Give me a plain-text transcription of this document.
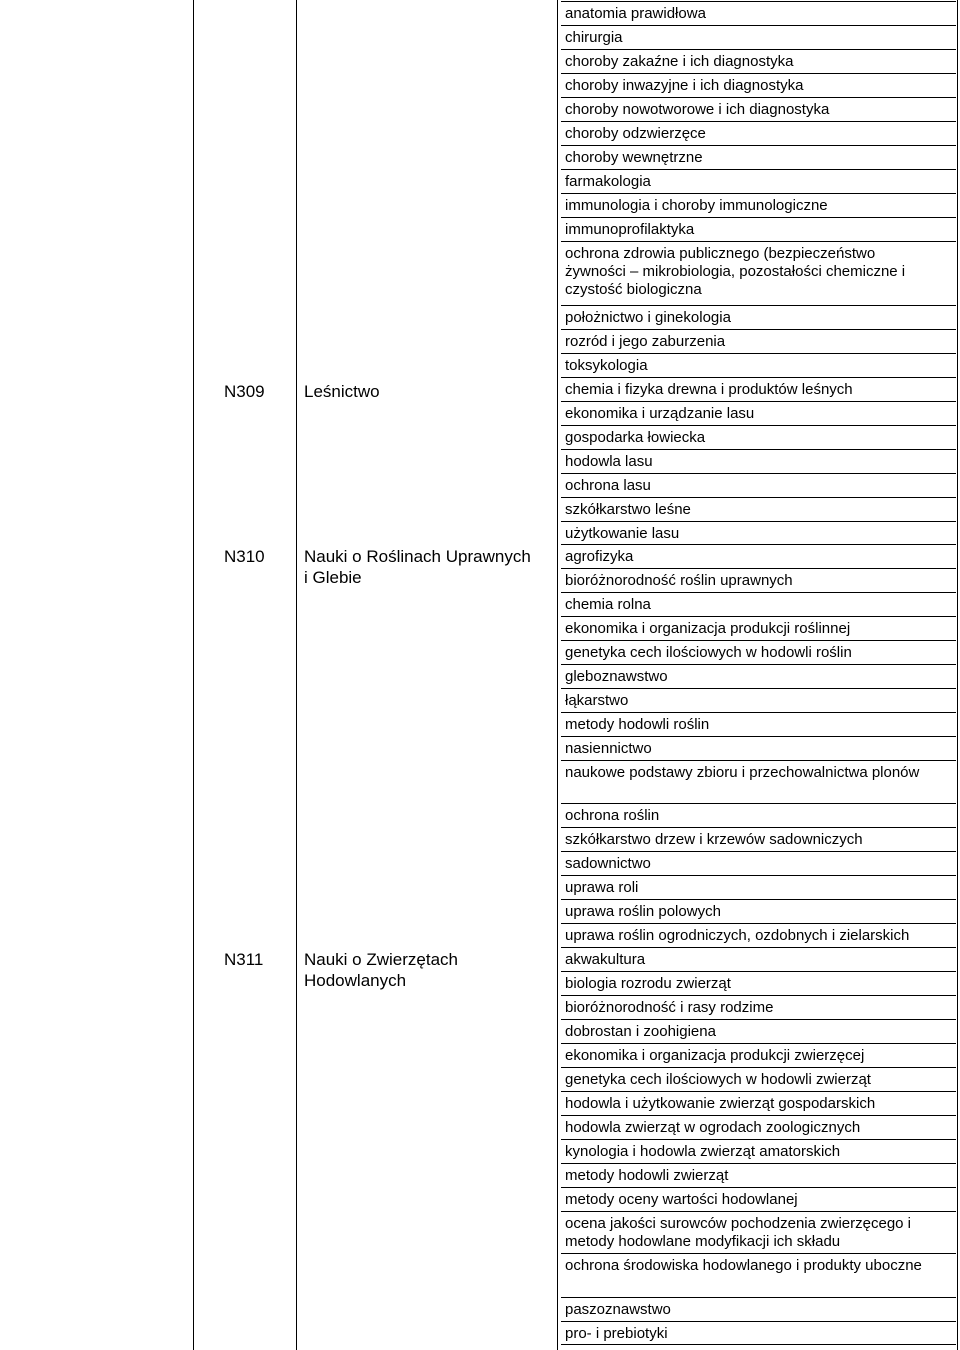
anatomia prawidłowa
chirurgia
choroby zakaźne i ich diagnostyka
choroby inwazyjne i ich diagnostyka
choroby nowotworowe i ich diagnostyka
choroby odzwierzęce
choroby wewnętrzne
farmakologia
immunologia i choroby immunologiczne
immunoprofilaktyka
ochrona zdrowia publicznego (bezpieczeństwo
żywności – mikrobiologia, pozostałości chemiczne i
czystość biologiczna
położnictwo i ginekologia
rozród i jego zaburzenia
toksykologia
N309 Leśnictwo	chemia i fizyka drewna i produktów leśnych
ekonomika i urządzanie lasu
gospodarka łowiecka
hodowla lasu
ochrona lasu
szkółkarstwo leśne
użytkowanie lasu
N310 Nauki o Roślinach Uprawnych
i Glebie
agrofizyka
bioróżnorodność roślin uprawnych
chemia rolna
ekonomika i organizacja produkcji roślinnej
genetyka cech ilościowych w hodowli roślin
gleboznawstwo
łąkarstwo
metody hodowli roślin
nasiennictwo
naukowe podstawy zbioru i przechowalnictwa plonów
ochrona roślin
szkółkarstwo drzew i krzewów sadowniczych
sadownictwo
uprawa roli
uprawa roślin polowych
uprawa roślin ogrodniczych, ozdobnych i zielarskich
N311 Nauki o Zwierzętach
Hodowlanych
akwakultura
biologia rozrodu zwierząt
bioróżnorodność i rasy rodzime
dobrostan i zoohigiena
ekonomika i organizacja produkcji zwierzęcej
genetyka cech ilościowych w hodowli zwierząt
hodowla i użytkowanie zwierząt gospodarskich
hodowla zwierząt w ogrodach zoologicznych
kynologia i hodowla zwierząt amatorskich
metody hodowli zwierząt
metody oceny wartości hodowlanej
ocena jakości surowców pochodzenia zwierzęcego i
metody hodowlane modyfikacji ich składu
ochrona środowiska hodowlanego i produkty uboczne
paszoznawstwo
pro- i prebiotyki
